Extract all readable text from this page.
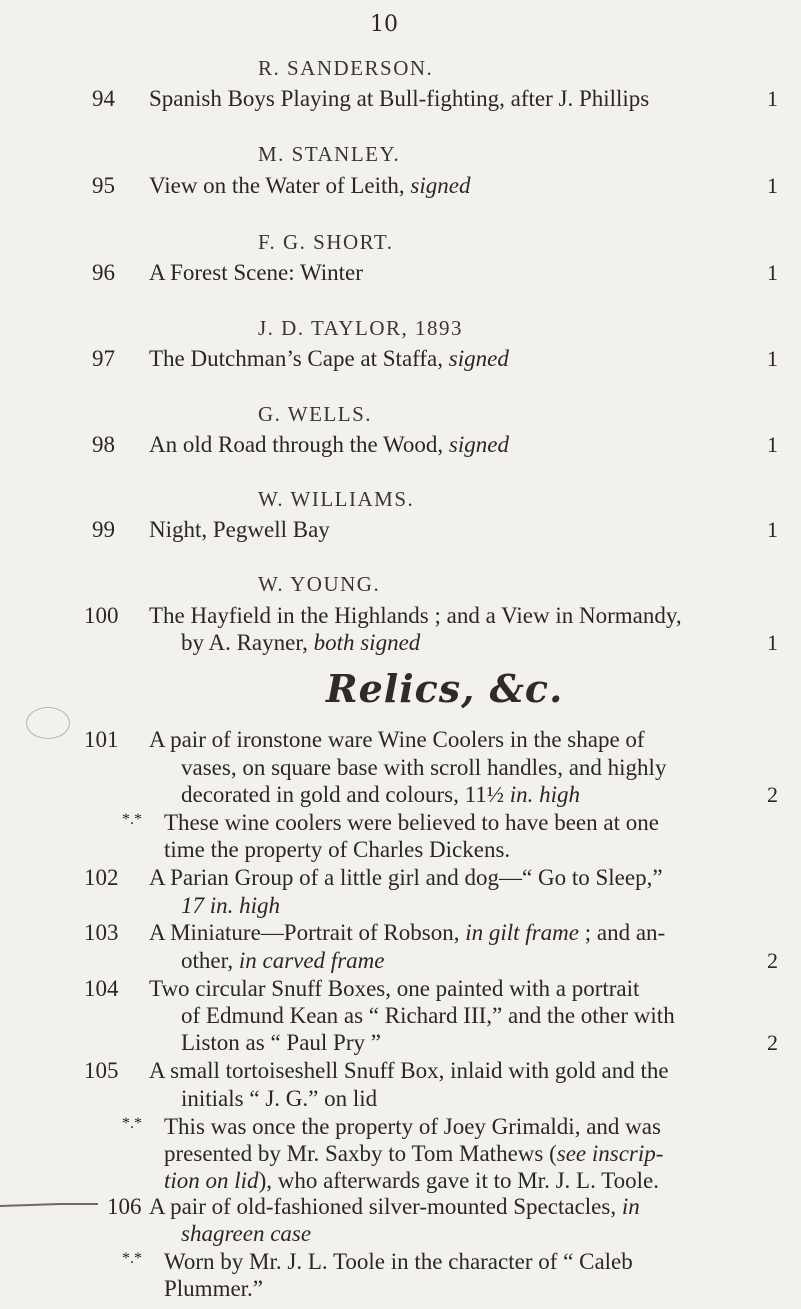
10
R. SANDERSON.
94 Spanish Boys Playing at Bull-fighting, after J. Phillips	1
M. STANLEY.
95 View on the Water of Leith, signed	1
F. G. SHORT.
96 A Forest Scene: Winter	1
J. D. TAYLOR, 1893
97 The Dutchman’s Cape at Staffa, signed	1
G. WELLS.
98 An old Road through the Wood, signed	1
W. WILLIAMS.
99 Night, Pegwell Bay	1
W. YOUNG.
100 The Hayfield in the Highlands ; and a View in Normandy,
by A. Rayner, both signed	1
Relics, &c.
101 A pair of ironstone ware Wine Coolers in the shape of
vases, on square base with scroll handles, and highly
decorated in gold and colours, 11½ in. high	2
*.* These wine coolers were believed to have been at one
time the property of Charles Dickens.
102 A Parian Group of a little girl and dog—“ Go to Sleep,”
17 in. high
103 A Miniature—Portrait of Robson, in gilt frame ; and an-
other, in carved frame	2
104 Two circular Snuff Boxes, one painted with a portrait
of Edmund Kean as “ Richard III,” and the other with
Liston as “ Paul Pry ”	2
105 A small tortoiseshell Snuff Box, inlaid with gold and the
initials “ J. G.” on lid
*.* This was once the property of Joey Grimaldi, and was
presented by Mr. Saxby to Tom Mathews (see inscrip-
tion on lid), who afterwards gave it to Mr. J. L. Toole.
106 A pair of old-fashioned silver-mounted Spectacles, in
shagreen case
*.* Worn by Mr. J. L. Toole in the character of “ Caleb
Plummer.”
